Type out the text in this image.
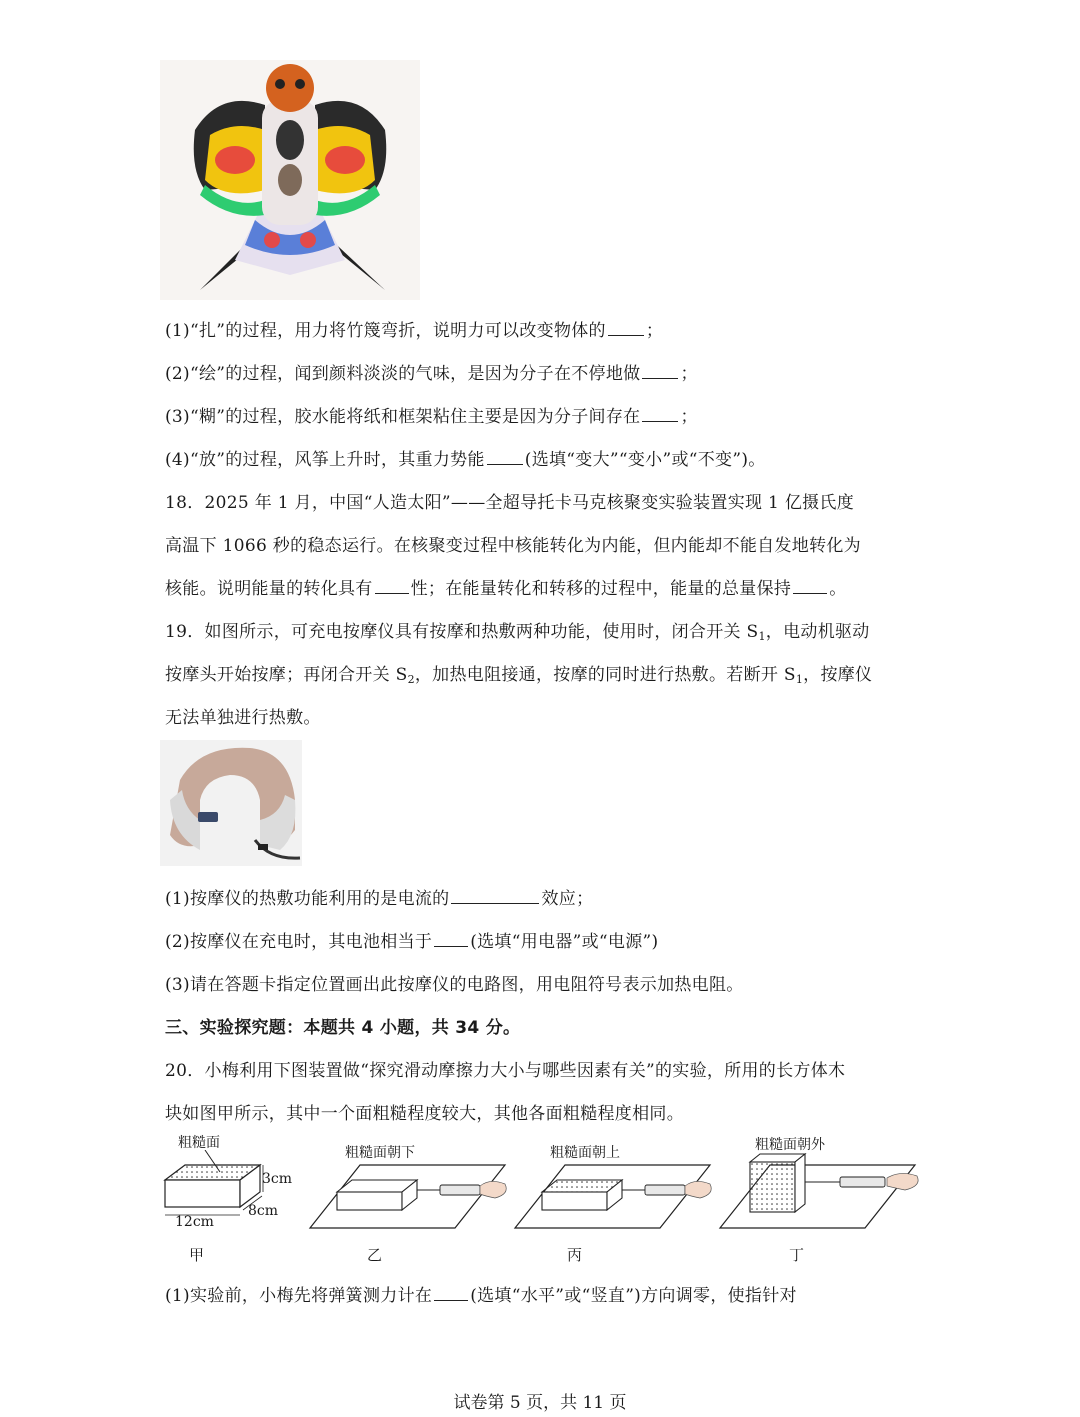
(1)“扎”的过程，用力将竹篾弯折，说明力可以改变物体的 ；
(2)“绘”的过程，闻到颜料淡淡的气味，是因为分子在不停地做 ；
(3)“糊”的过程，胶水能将纸和框架粘住主要是因为分子间存在 ；
(4)“放”的过程，风筝上升时，其重力势能 (选填“变大”“变小”或“不变”)。
18．2025 年 1 月，中国“人造太阳”——全超导托卡马克核聚变实验装置实现 1 亿摄氏度
高温下 1066 秒的稳态运行。在核聚变过程中核能转化为内能，但内能却不能自发地转化为
核能。说明能量的转化具有 性；在能量转化和转移的过程中，能量的总量保持 。
19．如图所示，可充电按摩仪具有按摩和热敷两种功能，使用时，闭合开关 $S_1$，电动机驱动
按摩头开始按摩；再闭合开关 $S_2$，加热电阻接通，按摩的同时进行热敷。若断开 $S_1$，按摩仪
无法单独进行热敷。
(1)按摩仪的热敷功能利用的是电流的	效应；
(2)按摩仪在充电时，其电池相当于 (选填“用电器”或“电源”)
(3)请在答题卡指定位置画出此按摩仪的电路图，用电阻符号表示加热电阻。
三、实验探究题：本题共 4 小题，共 34 分。
20．小梅利用下图装置做“探究滑动摩擦力大小与哪些因素有关”的实验，所用的长方体木
块如图甲所示，其中一个面粗糙程度较大，其他各面粗糙程度相同。
粗糙面
3cm
8cm
12cm
甲
粗糙面朝下
乙
粗糙面朝上
丙
粗糙面朝外
丁
(1)实验前，小梅先将弹簧测力计在 (选填“水平”或“竖直”)方向调零，使指针对
试卷第 5 页，共 11 页
